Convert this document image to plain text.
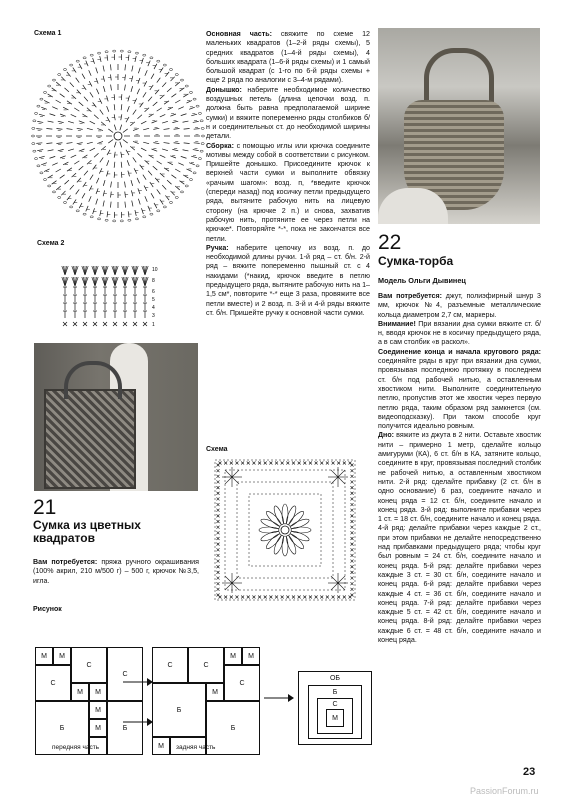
Схема 1
Схема 2
10
8
6
5
4
3
1
21
Сумка из цветных квадратов
Вам потребуется: пряжа ручного окрашивания (100% акрил, 210 м/500 г) – 500 г, крючок №3,5, игла.
Основная часть: свяжите по схеме 12 маленьких квадратов (1–2-й ряды схемы), 5 средних квадратов (1–4-й ряды схемы), 4 больших квадрата (1–6-й ряды схемы) и 1 самый большой квадрат (с 1-го по 6-й ряды схемы + еще 2 ряда по аналогии с 3–4-м рядами).
Донышко: наберите необходимое количество воздушных петель (длина цепочки возд. п. должна быть равна предполагаемой ширине сумки) и вяжите попеременно ряды столбиков б/н и соединительных ст. до необходимой ширины детали.
Сборка: с помощью иглы или крючка соедините мотивы между собой в соответствии с рисунком. Пришейте донышко. Присоедините крючок к верхней части сумки и выполните обвязку «рачьим шагом»: возд. п, *введите крючок (спереди назад) под косичку петли предыдущего ряда, вытяните рабочую нить на лицевую сторону (на крючке 2 п.) и снова, захватив рабочую нить, протяните ее через петли на крючке*. Повторяйте *-*, пока не закончатся все петли.
Ручка: наберите цепочку из возд. п. до необходимой длины ручки. 1-й ряд – ст. б/н. 2-й ряд – вяжите попеременно пышный ст. с 4 накидами (*накид, крючок введите в петлю предыдущего ряда, вытяните рабочую нить на 1–1,5 см*, повторите *-* еще 3 раза, провяжите все петли вместе) и 2 возд. п. 3-й и 4-й ряды вяжите ст. б/н. Пришейте ручку к основной части сумки.
Схема
22
Сумка-торба
Модель Ольги Дывинец
Вам потребуется: джут, полиэфирный шнур 3 мм, крючок №4, разъемные металлические кольца диаметром 2,7 см, маркеры.
Внимание! При вязании дна сумки вяжите ст. б/н, вводя крючок не в косичку предыдущего ряда, а в сам столбик «в раскол».
Соединение конца и начала кругового ряда: соединяйте ряды в круг при вязании дна сумки, провязывая последнюю протяжку в последнем ст. б/н под рабочей нитью, а оставленным хвостиком нити. Выполните соединительную петлю, пропустив этот же хвостик через первую петлю ряда, таким образом ряд замкнется (см. видеоподсказку). При таком способе круг получится идеально ровным.
Дно: вяжите из джута в 2 нити. Оставьте хвостик нити – примерно 1 метр, сделайте кольцо амигуруми (КА), 6 ст. б/н в КА, затяните кольцо, соедините в круг, провязывая последний столбик не рабочей нитью, а оставленным хвостиком нити. 2-й ряд: сделайте прибавку (2 ст. б/н в одно основание) 6 раз, соедините начало и конец ряда = 12 ст. б/н, соедините начало и конец ряда. 3-й ряд: выполните прибавки через 1 ст. = 18 ст. б/н, соедините начало и конец ряда. 4-й ряд: делайте прибавки через каждые 2 ст., при этом прибавки не делайте непосредственно над прибавками предыдущего ряда; чтобы круг был ровным = 24 ст. б/н, соедините начало и конец ряда. 5-й ряд: делайте прибавки через каждые 3 ст. = 30 ст. б/н, соедините начало и конец ряда. 6-й ряд: делайте прибавки через каждые 4 ст. = 36 ст. б/н, соедините начало и конец ряда. 7-й ряд: делайте прибавки через каждые 5 ст. = 42 ст. б/н, соедините начало и конец ряда. 8-й ряд: делайте прибавки через каждые 6 ст. = 48 ст. б/н, соедините начало и конец ряда.
Рисунок
М	М
С
С
С
М	М
Б
М
М	Б
передняя часть
С	С
М	М
С
Б
М
Б
М	задняя часть
ОБ
Б
С
М
23
PassionForum.ru
